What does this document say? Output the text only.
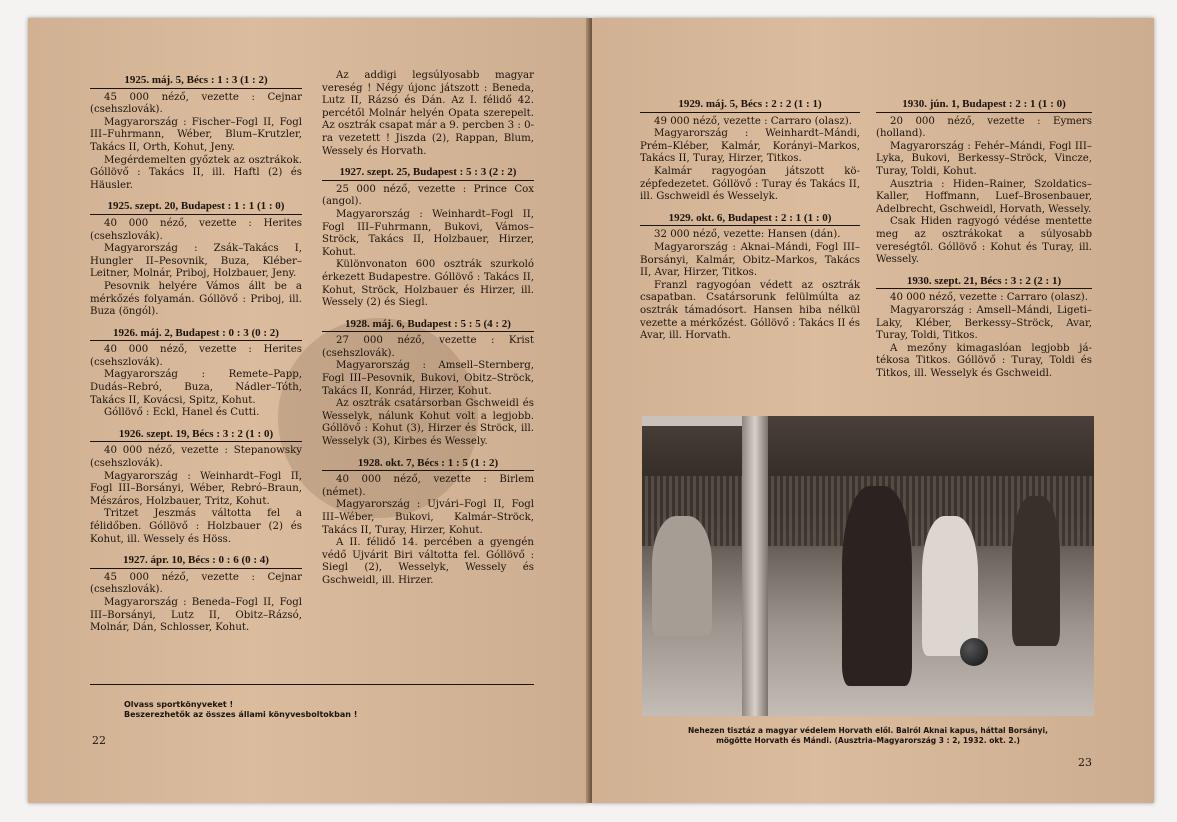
1925. máj. 5, Bécs : 1 : 3 (1 : 2)

45 000 néző, vezette : Cejnar (csehszlovák).

Magyarország : Fischer–Fogl II, Fogl III–Fuhrmann, Wéber, Blum–Krutzler, Takács II, Orth, Kohut, Jeny.

Megérdemelten győztek az osztrákok. Góllövő : Takács II, ill. Haftl (2) és Häusler.

1925. szept. 20, Budapest : 1 : 1 (1 : 0)

40 000 néző, vezette : Herites (csehszlovák).

Magyarország : Zsák–Takács I, Hungler II–Pesovnik, Buza, Kléber–Leitner, Molnár, Priboj, Holzbauer, Jeny.

Pesovnik helyére Vámos állt be a mérkőzés folyamán. Góllövő : Priboj, ill. Buza (öngól).

1926. máj. 2, Budapest : 0 : 3 (0 : 2)

40 000 néző, vezette : Herites (csehszlovák).

Magyarország : Remete–Papp, Dudás–Rebró, Buza, Nádler–Tóth, Takács II, Kovácsi, Spitz, Kohut.

Góllövő : Eckl, Hanel és Cutti.

1926. szept. 19, Bécs : 3 : 2 (1 : 0)

40 000 néző, vezette : Stepanowsky (csehszlovák).

Magyarország : Weinhardt–Fogl II, Fogl III–Borsányi, Wéber, Rebró–Braun, Mészáros, Holzbauer, Tritz, Kohut.

Tritzet Jeszmás váltotta fel a félidőben. Góllövő : Holzbauer (2) és Kohut, ill. Wessely és Höss.

1927. ápr. 10, Bécs : 0 : 6 (0 : 4)

45 000 néző, vezette : Cejnar (csehszlovák).

Magyarország : Beneda–Fogl II, Fogl III–Borsányi, Lutz II, Obitz–Rázsó, Molnár, Dán, Schlosser, Kohut.

Az addigi legsúlyosabb magyar vereség ! Négy újonc játszott : Beneda, Lutz II, Rázsó és Dán. Az I. félidő 42. percétől Molnár helyén Opata szerepelt. Az osztrák csapat már a 9. percben 3 : 0-ra vezetett ! Jiszda (2), Rappan, Blum, Wessely és Horvath.

1927. szept. 25, Budapest : 5 : 3 (2 : 2)

25 000 néző, vezette : Prince Cox (angol).

Magyarország : Weinhardt–Fogl II, Fogl III–Fuhrmann, Bukovi, Vámos–Ströck, Takács II, Holzbauer, Hirzer, Kohut.

Különvonaton 600 osztrák szurkoló érkezett Budapestre. Góllövő : Takács II, Kohut, Ströck, Holzbauer és Hirzer, ill. Wessely (2) és Siegl.

1928. máj. 6, Budapest : 5 : 5 (4 : 2)

27 000 néző, vezette : Krist (csehszlovák).

Magyarország : Amsell–Sternberg, Fogl III–Pesovnik, Bukovi, Obitz–Ströck, Takács II, Konrád, Hirzer, Kohut.

Az osztrák csatársorban Gschweidl és Wesselyk, nálunk Kohut volt a legjobb. Góllövő : Kohut (3), Hirzer és Ströck, ill. Wesselyk (3), Kirbes és Wessely.

1928. okt. 7, Bécs : 1 : 5 (1 : 2)

40 000 néző, vezette : Birlem (német).

Magyarország : Ujvári–Fogl II, Fogl III–Wéber, Bukovi, Kalmár–Ströck, Takács II, Turay, Hirzer, Kohut.

A II. félidő 14. percében a gyengén védő Ujvárit Biri váltotta fel. Góllövő : Siegl (2), Wesselyk, Wessely és Gschweidl, ill. Hirzer.

Olvass sportkönyveket !
Beszerezhetők az összes állami könyvesboltokban !
22
1929. máj. 5, Bécs : 2 : 2 (1 : 1)

49 000 néző, vezette : Carraro (olasz).

Magyarország : Weinhardt–Mándi, Prém–Kléber, Kalmár, Korányi–Markos, Takács II, Turay, Hirzer, Titkos.

Kalmár ragyogóan játszott középfedezetet. Góllövő : Turay és Takács II, ill. Gschweidl és Wesselyk.

1929. okt. 6, Budapest : 2 : 1 (1 : 0)

32 000 néző, vezette: Hansen (dán).

Magyarország : Aknai–Mándi, Fogl III–Borsányi, Kalmár, Obitz–Markos, Takács II, Avar, Hirzer, Titkos.

Franzl ragyogóan védett az osztrák csapatban. Csatársorunk felülmúlta az osztrák támadósort. Hansen hiba nélkül vezette a mérkőzést. Góllövő : Takács II és Avar, ill. Horvath.

1930. jún. 1, Budapest : 2 : 1 (1 : 0)

20 000 néző, vezette : Eymers (holland).

Magyarország : Fehér–Mándi, Fogl III–Lyka, Bukovi, Berkessy–Ströck, Vincze, Turay, Toldi, Kohut.

Ausztria : Hiden–Rainer, Szoldatics–Kaller, Hoffmann, Luef–Brosenbauer, Adelbrecht, Gschweidl, Horvath, Wessely.

Csak Hiden ragyogó védése mentette meg az osztrákokat a súlyosabb vereségtől. Góllövő : Kohut és Turay, ill. Wessely.

1930. szept. 21, Bécs : 3 : 2 (2 : 1)

40 000 néző, vezette : Carraro (olasz).

Magyarország : Amsell–Mándi, Ligeti–Laky, Kléber, Berkessy–Ströck, Avar, Turay, Toldi, Titkos.

A mezőny kimagaslóan legjobb játékosa Titkos. Góllövő : Turay, Toldi és Titkos, ill. Wesselyk és Gschweidl.

Nehezen tisztáz a magyar védelem Horvath elől. Balról Aknai kapus, háttal Borsányi,
mögötte Horvath és Mándi. (Ausztria–Magyarország 3 : 2, 1932. okt. 2.)
23
